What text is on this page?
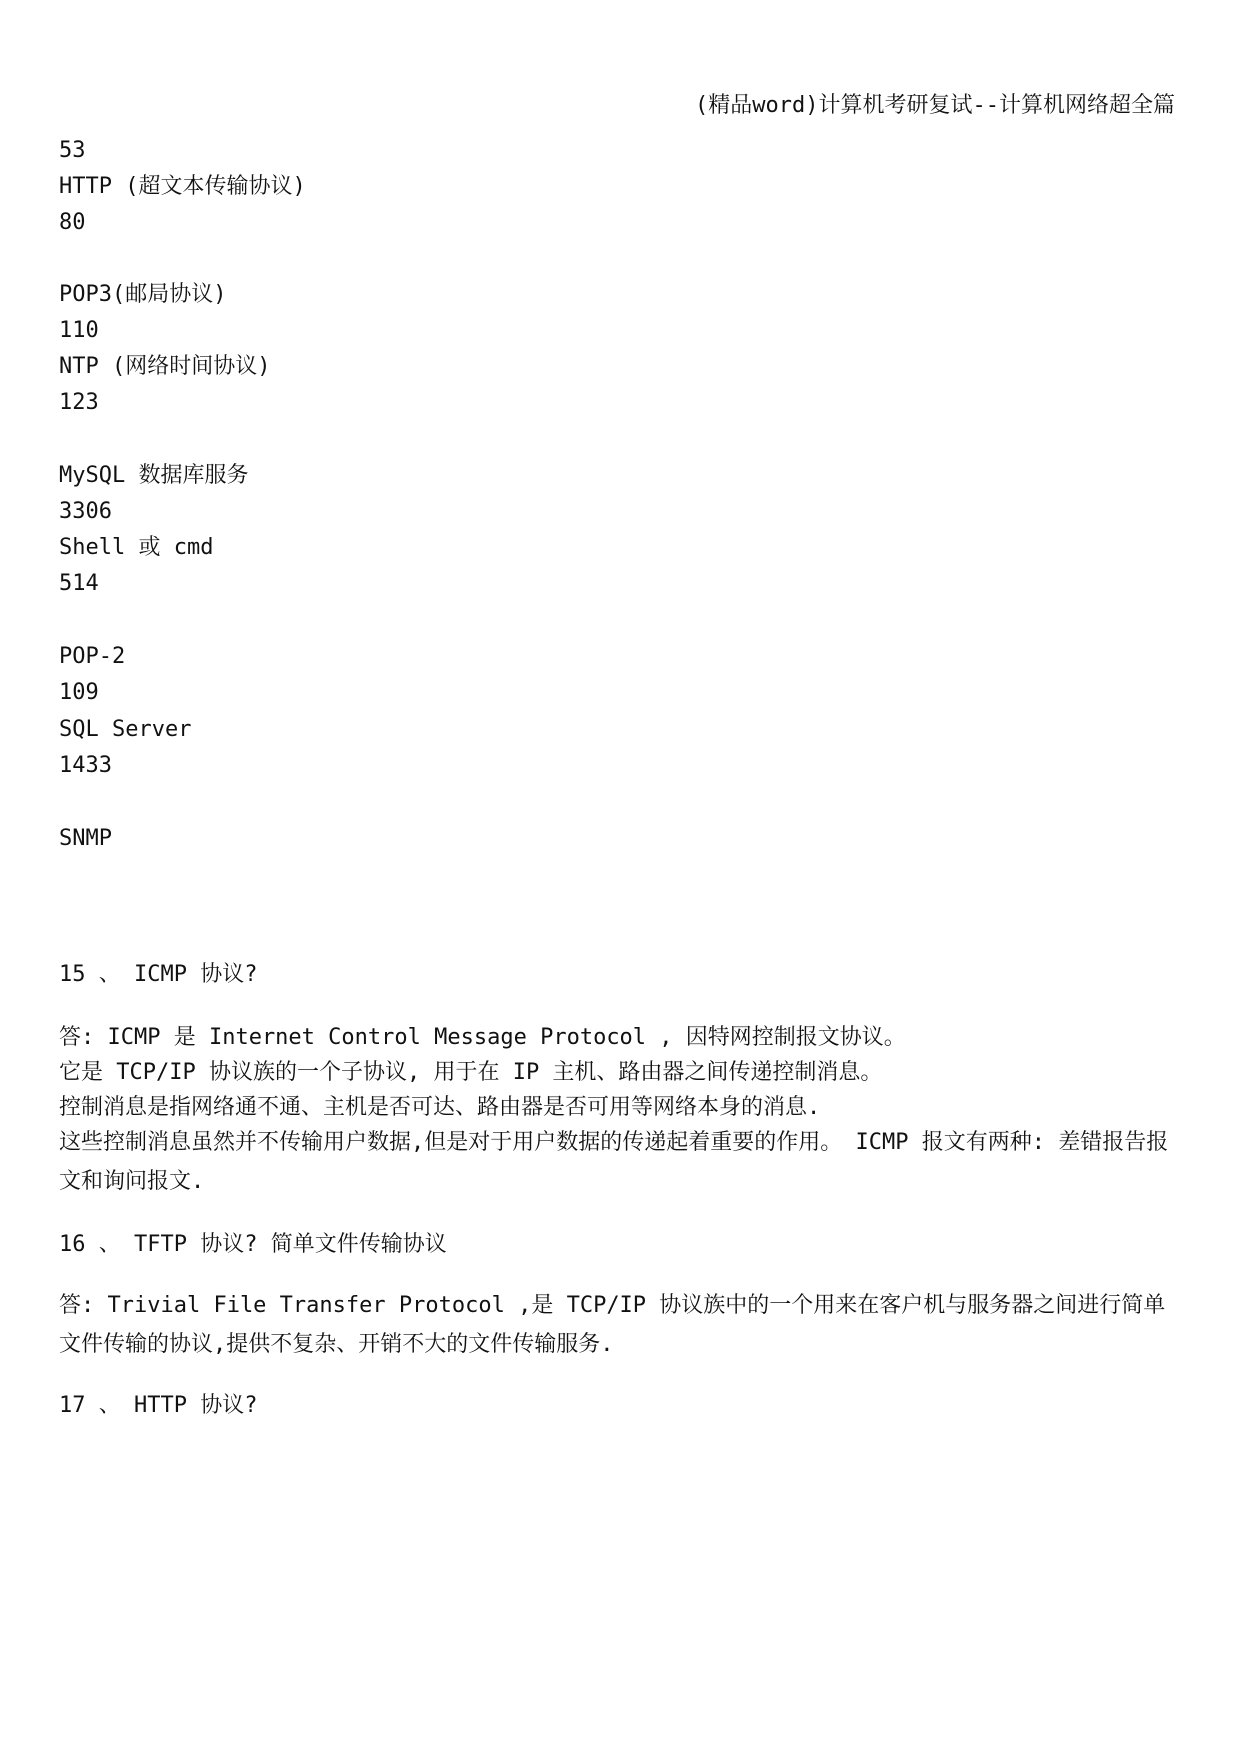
(精品word)计算机考研复试--计算机网络超全篇
53
HTTP (超文本传输协议)
80
POP3(邮局协议)
110
NTP (网络时间协议)
123
MySQL 数据库服务
3306
Shell 或 cmd
514
POP-2
109
SQL Server
1433
SNMP
15 、 ICMP 协议?
答: ICMP 是 Internet Control Message Protocol , 因特网控制报文协议。
它是 TCP/IP 协议族的一个子协议, 用于在 IP 主机、路由器之间传递控制消息。
控制消息是指网络通不通、主机是否可达、路由器是否可用等网络本身的消息.
这些控制消息虽然并不传输用户数据,但是对于用户数据的传递起着重要的作用。 ICMP 报文有两种: 差错报告报文和询问报文.
16 、 TFTP 协议? 简单文件传输协议
答: Trivial File Transfer Protocol ,是 TCP/IP 协议族中的一个用来在客户机与服务器之间进行简单文件传输的协议,提供不复杂、开销不大的文件传输服务.
17 、 HTTP 协议?
